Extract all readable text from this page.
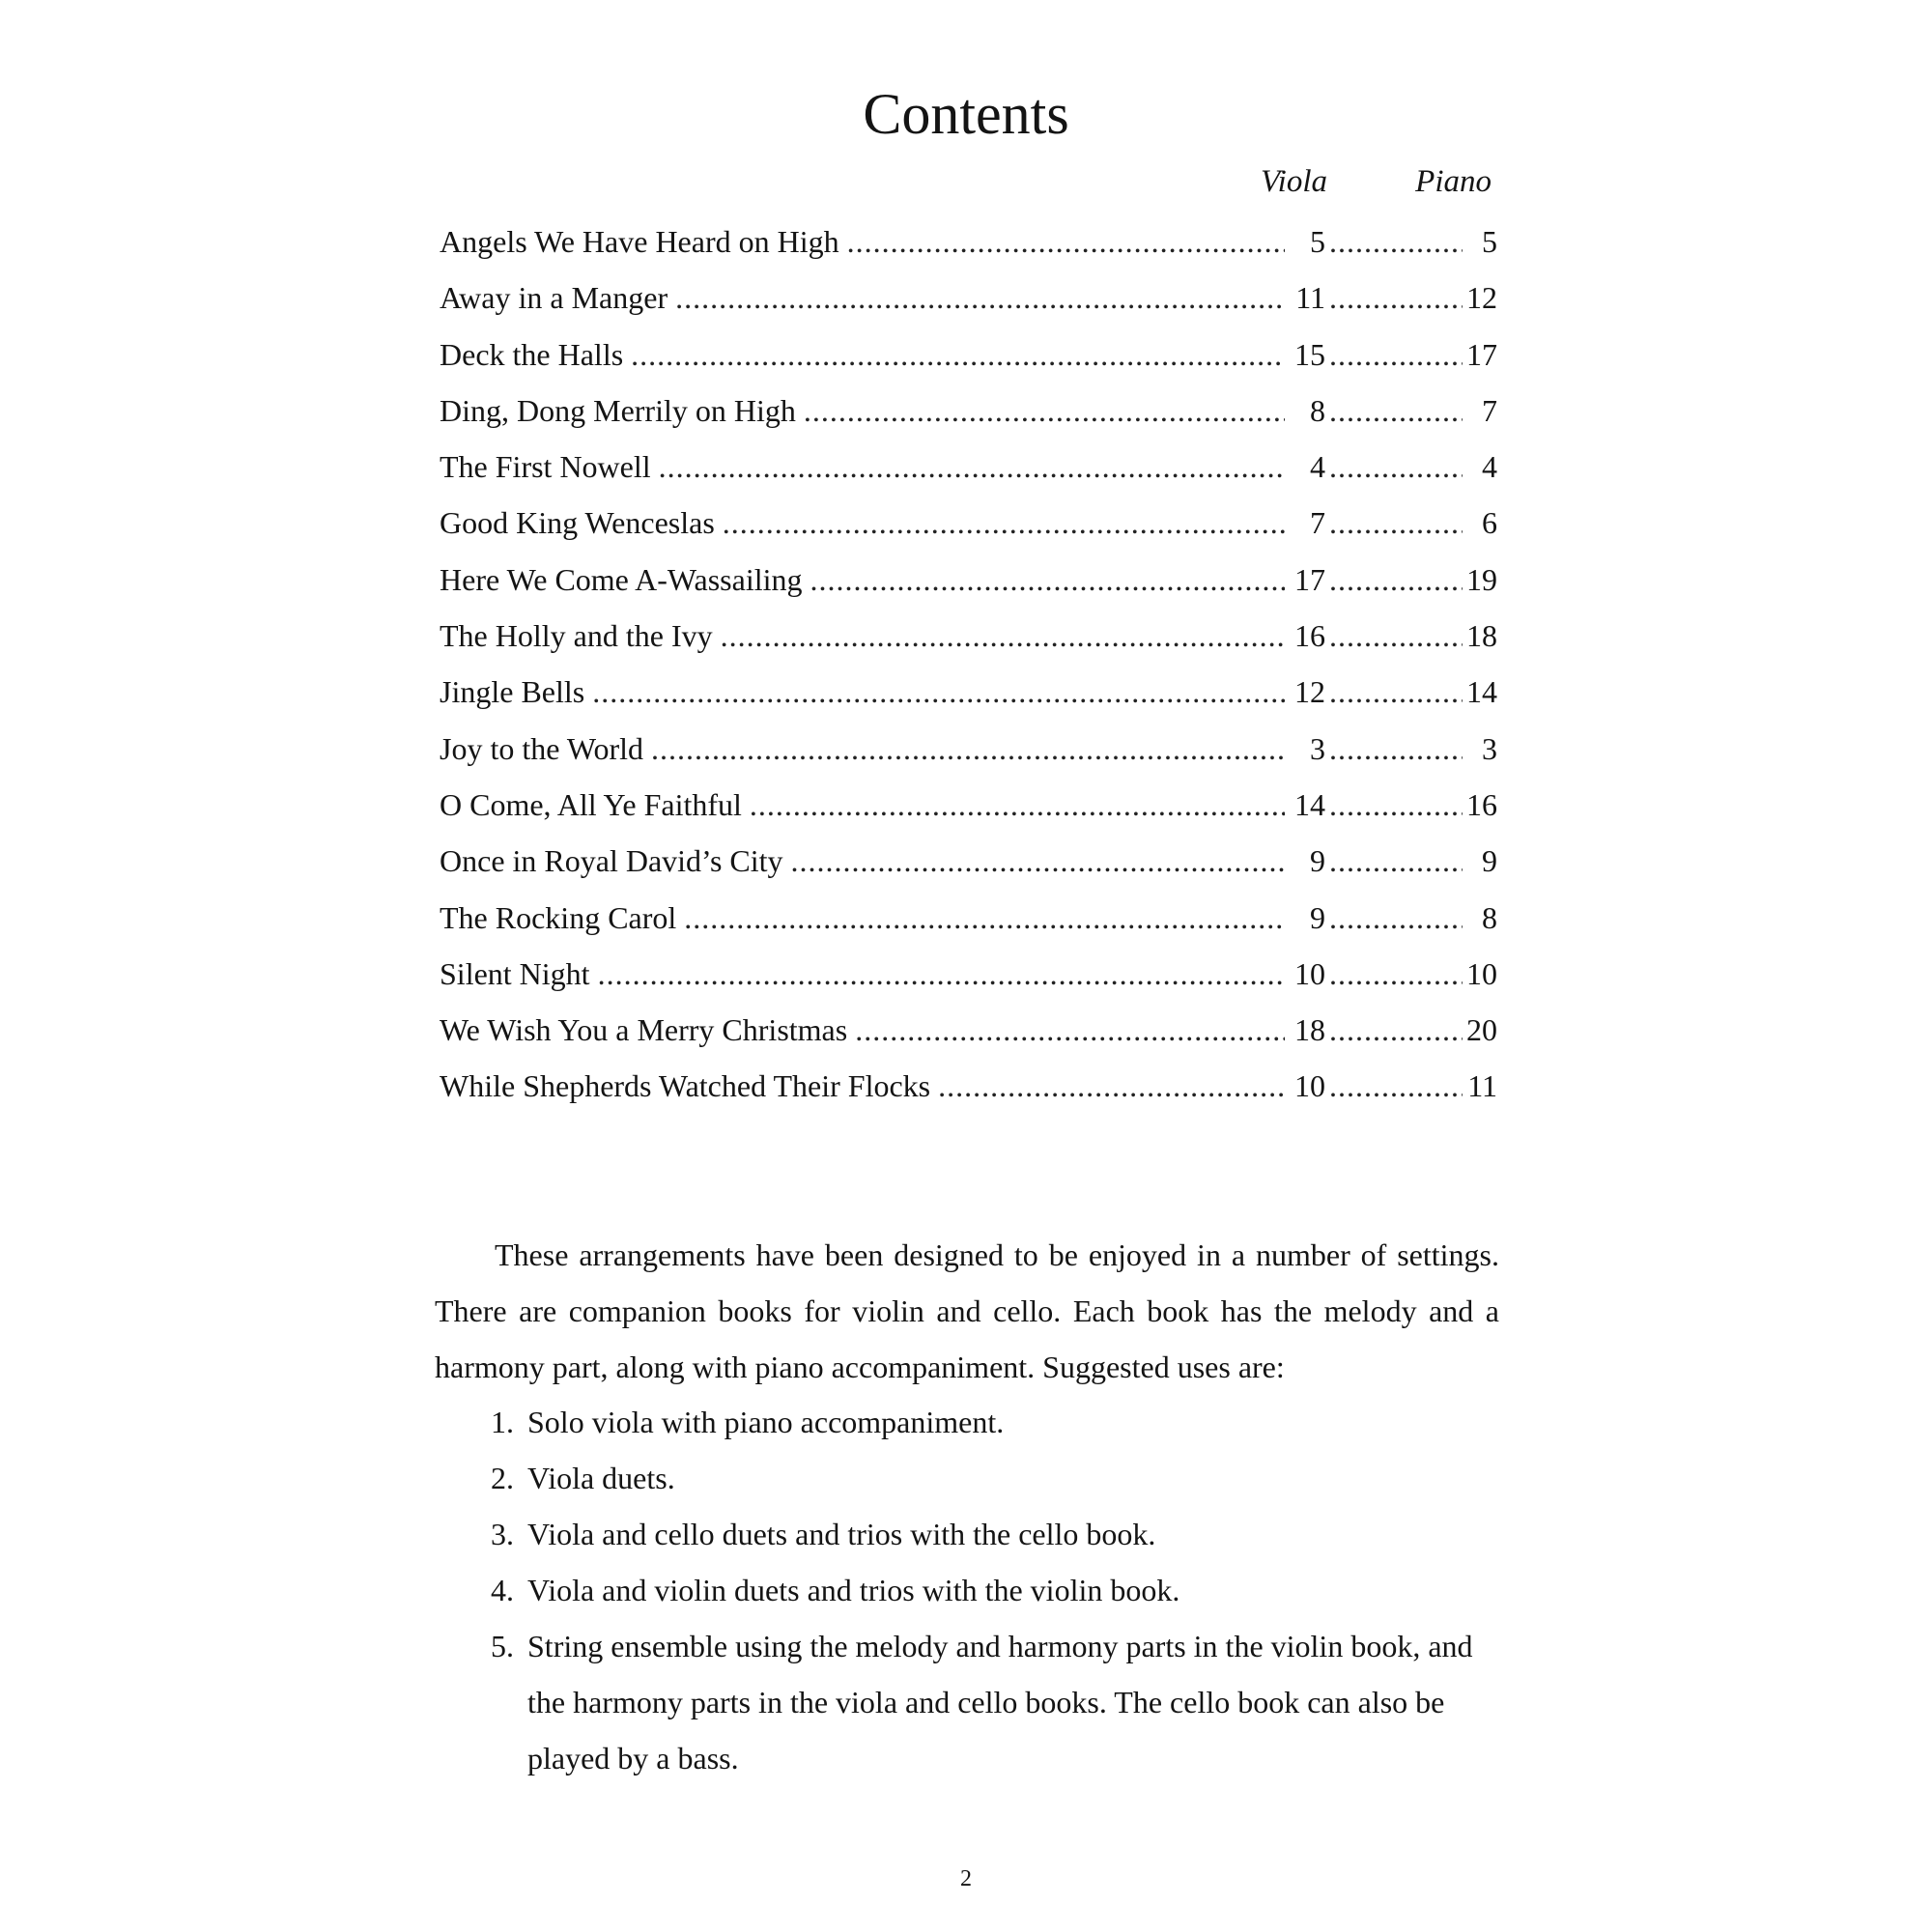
Contents
Viola	Piano
Angels We Have Heard on High .....	5 .....	5
Away in a Manger .....	11 .....	12
Deck the Halls .....	15 .....	17
Ding, Dong Merrily on High .....	8 .....	7
The First Nowell .....	4 .....	4
Good King Wenceslas .....	7 .....	6
Here We Come A-Wassailing .....	17 .....	19
The Holly and the Ivy .....	16 .....	18
Jingle Bells .....	12 .....	14
Joy to the World .....	3 .....	3
O Come, All Ye Faithful .....	14 .....	16
Once in Royal David’s City .....	9 .....	9
The Rocking Carol .....	9 .....	8
Silent Night .....	10 .....	10
We Wish You a Merry Christmas .....	18 .....	20
While Shepherds Watched Their Flocks .....	10 .....	11

These arrangements have been designed to be enjoyed in a number of settings. There are companion books for violin and cello. Each book has the melody and a harmony part, along with piano accompaniment. Suggested uses are:

1. Solo viola with piano accompaniment.
2. Viola duets.
3. Viola and cello duets and trios with the cello book.
4. Viola and violin duets and trios with the violin book.
5. String ensemble using the melody and harmony parts in the violin book, and the harmony parts in the viola and cello books. The cello book can also be played by a bass.
2
